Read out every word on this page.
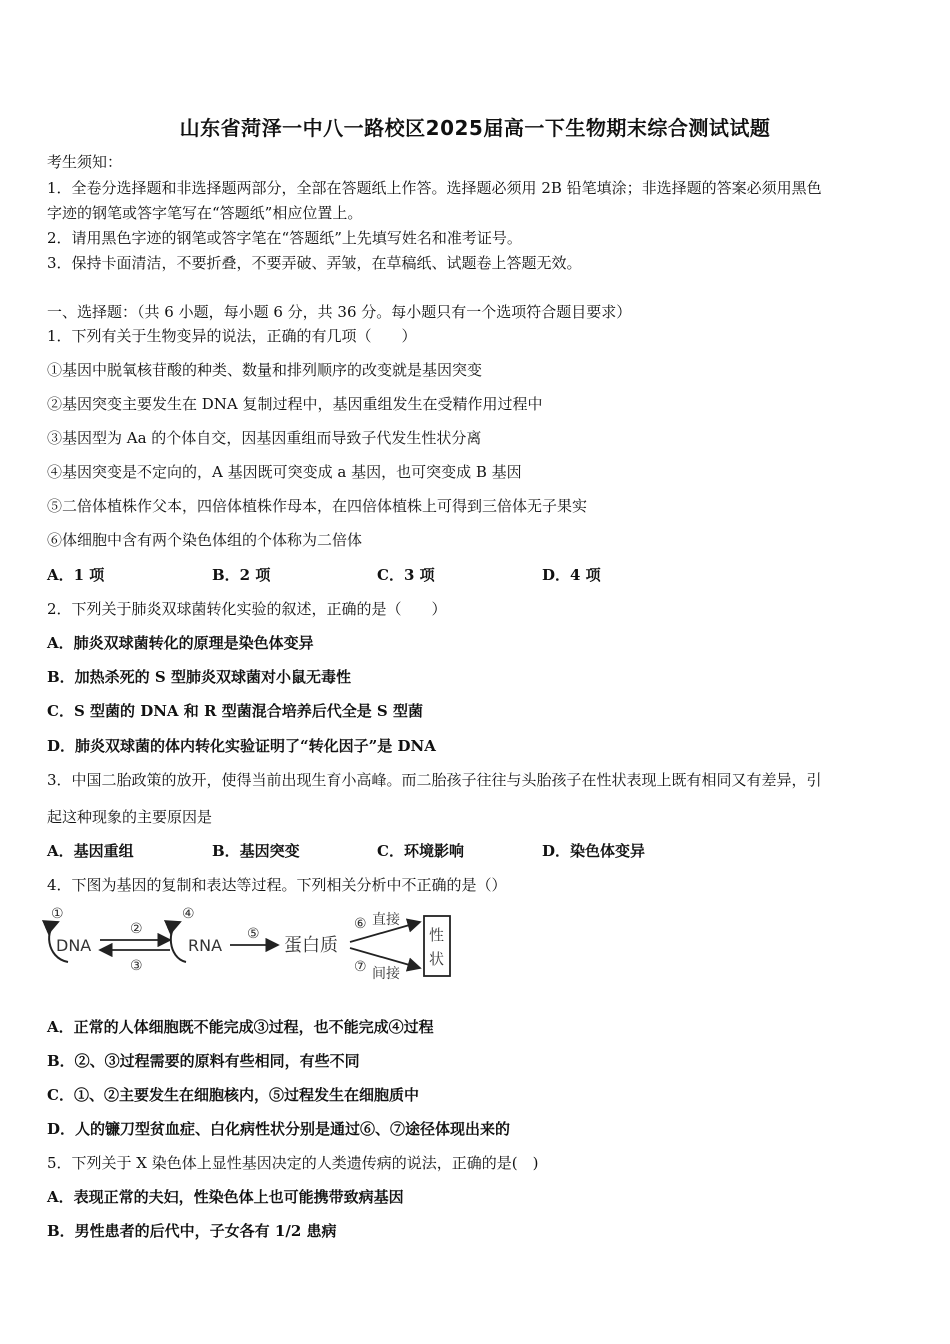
山东省菏泽一中八一路校区2025届高一下生物期末综合测试试题
考生须知：
1．全卷分选择题和非选择题两部分，全部在答题纸上作答。选择题必须用 2B 铅笔填涂；非选择题的答案必须用黑色
字迹的钢笔或答字笔写在“答题纸”相应位置上。
2．请用黑色字迹的钢笔或答字笔在“答题纸”上先填写姓名和准考证号。
3．保持卡面清洁，不要折叠，不要弄破、弄皱，在草稿纸、试题卷上答题无效。
一、选择题：（共 6 小题，每小题 6 分，共 36 分。每小题只有一个选项符合题目要求）
1．下列有关于生物变异的说法，正确的有几项（　　）
①基因中脱氧核苷酸的种类、数量和排列顺序的改变就是基因突变
②基因突变主要发生在 DNA 复制过程中，基因重组发生在受精作用过程中
③基因型为 Aa 的个体自交，因基因重组而导致子代发生性状分离
④基因突变是不定向的，A 基因既可突变成 a 基因，也可突变成 B 基因
⑤二倍体植株作父本，四倍体植株作母本，在四倍体植株上可得到三倍体无子果实
⑥体细胞中含有两个染色体组的个体称为二倍体
A．1 项	B．2 项	C．3 项	D．4 项
2．下列关于肺炎双球菌转化实验的叙述，正确的是（　　）
A．肺炎双球菌转化的原理是染色体变异
B．加热杀死的 S 型肺炎双球菌对小鼠无毒性
C．S 型菌的 DNA 和 R 型菌混合培养后代全是 S 型菌
D．肺炎双球菌的体内转化实验证明了“转化因子”是 DNA
3．中国二胎政策的放开，使得当前出现生育小高峰。而二胎孩子往往与头胎孩子在性状表现上既有相同又有差异，引
起这种现象的主要原因是
A．基因重组	B．基因突变	C．环境影响	D．染色体变异
4．下图为基因的复制和表达等过程。下列相关分析中不正确的是（）
①
DNA
②
③
④
RNA
⑤
蛋白质
⑥ 直接
⑦ 间接
性
状
A．正常的人体细胞既不能完成③过程，也不能完成④过程
B．②、③过程需要的原料有些相同，有些不同
C．①、②主要发生在细胞核内，⑤过程发生在细胞质中
D．人的镰刀型贫血症、白化病性状分别是通过⑥、⑦途径体现出来的
5．下列关于 X 染色体上显性基因决定的人类遗传病的说法，正确的是(　)
A．表现正常的夫妇，性染色体上也可能携带致病基因
B．男性患者的后代中，子女各有 1/2 患病
